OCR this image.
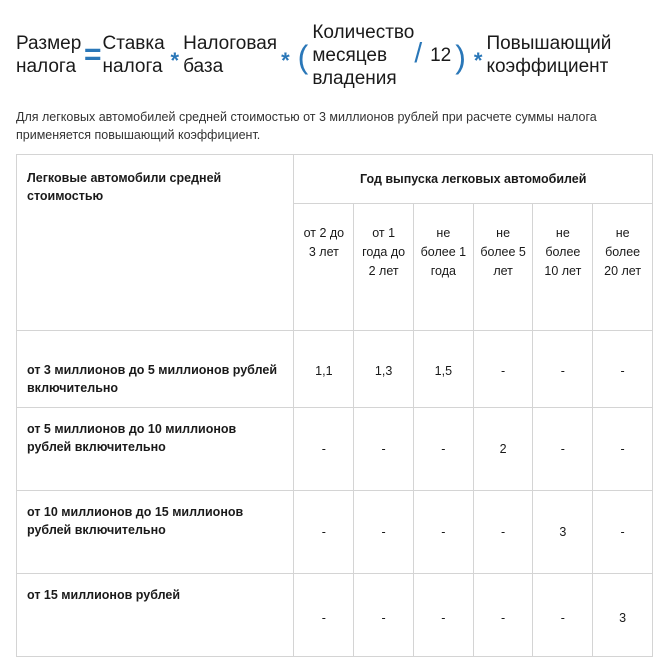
Размер налога = Ставка налога *
Налоговая база	* (
Количество месяцев владения
/ 12 ) *
Повышающий коэффициент
Для легковых автомобилей средней стоимостью от 3 миллионов рублей при расчете суммы налога применяется повышающий коэффициент.
Легковые автомобили средней стоимостью	Год выпуска легковых автомобилей					
	от 2 до 3 лет	от 1 года до 2 лет	не более 1 года	не более 5 лет	не более 10 лет	не более 20 лет
от 3 миллионов до 5 миллионов рублей включительно	1,1	1,3	1,5	-	-	-
от 5 миллионов до 10 миллионов рублей включительно	-	-	-	2	-	-
от 10 миллионов до 15 миллионов рублей включительно	-	-	-	-	3	-
от 15 миллионов рублей	-	-	-	-	-	3
